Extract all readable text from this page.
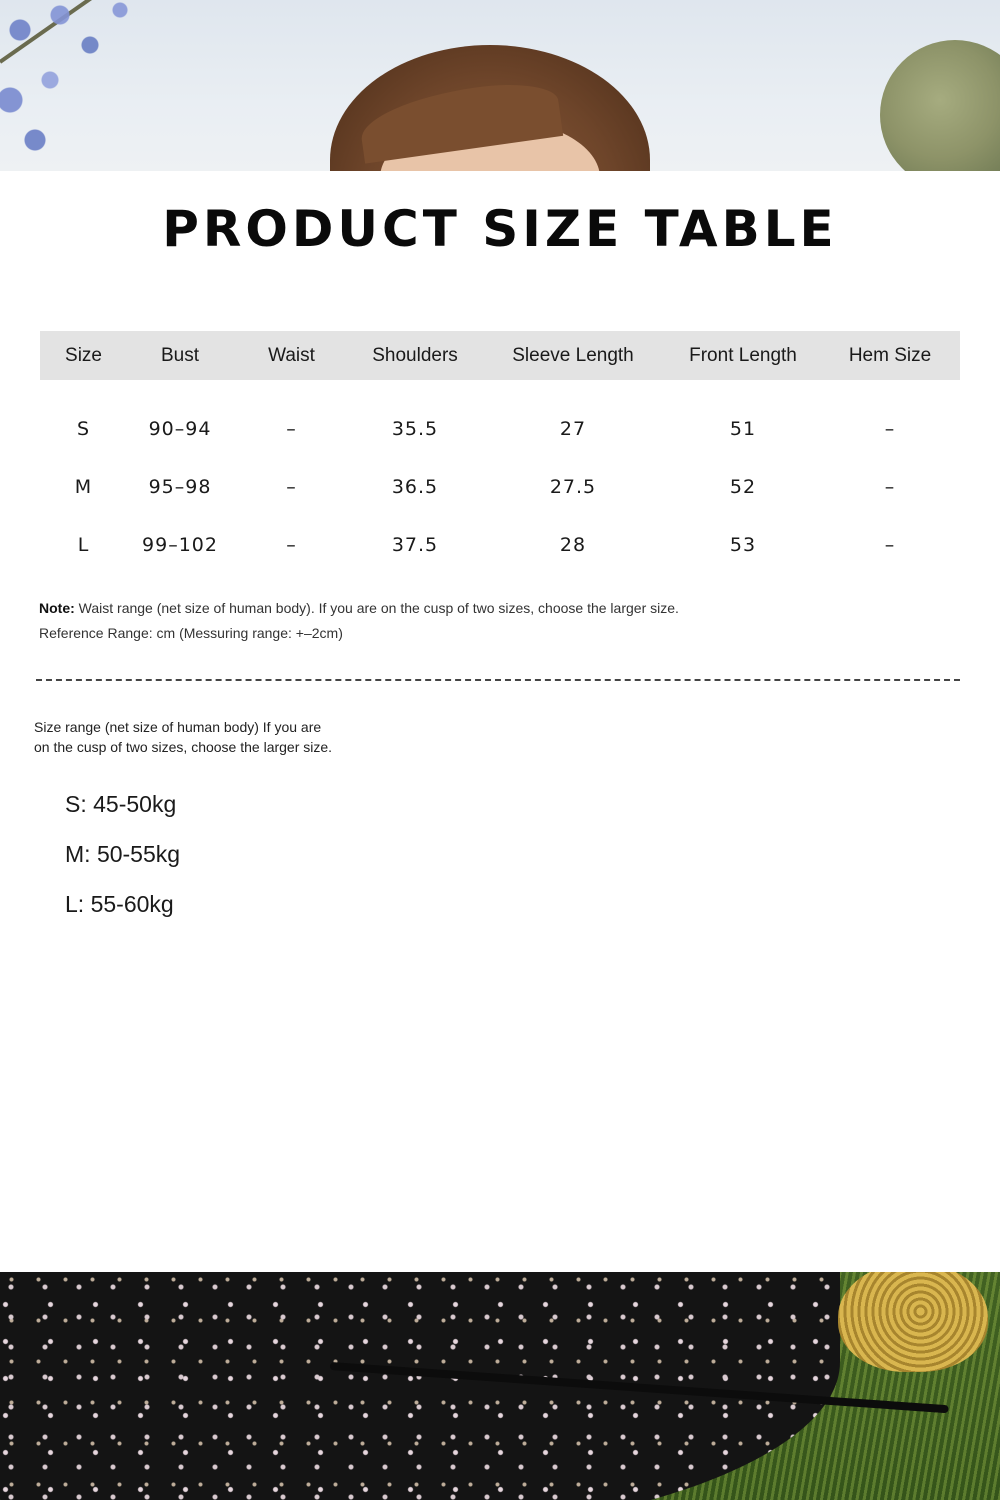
PRODUCT SIZE TABLE
Size	Bust	Waist	Shoulders	Sleeve Length	Front Length	Hem Size
S	90–94	–	35.5	27	51	–
M	95–98	–	36.5	27.5	52	–
L	99–102	–	37.5	28	53	–
Note: Waist range (net size of human body). If you are on the cusp of two sizes, choose the larger size.
Reference Range: cm (Messuring range: +–2cm)
Size range (net size of human body) If you are
on the cusp of two sizes, choose the larger size.
S: 45-50kg
M: 50-55kg
L: 55-60kg
